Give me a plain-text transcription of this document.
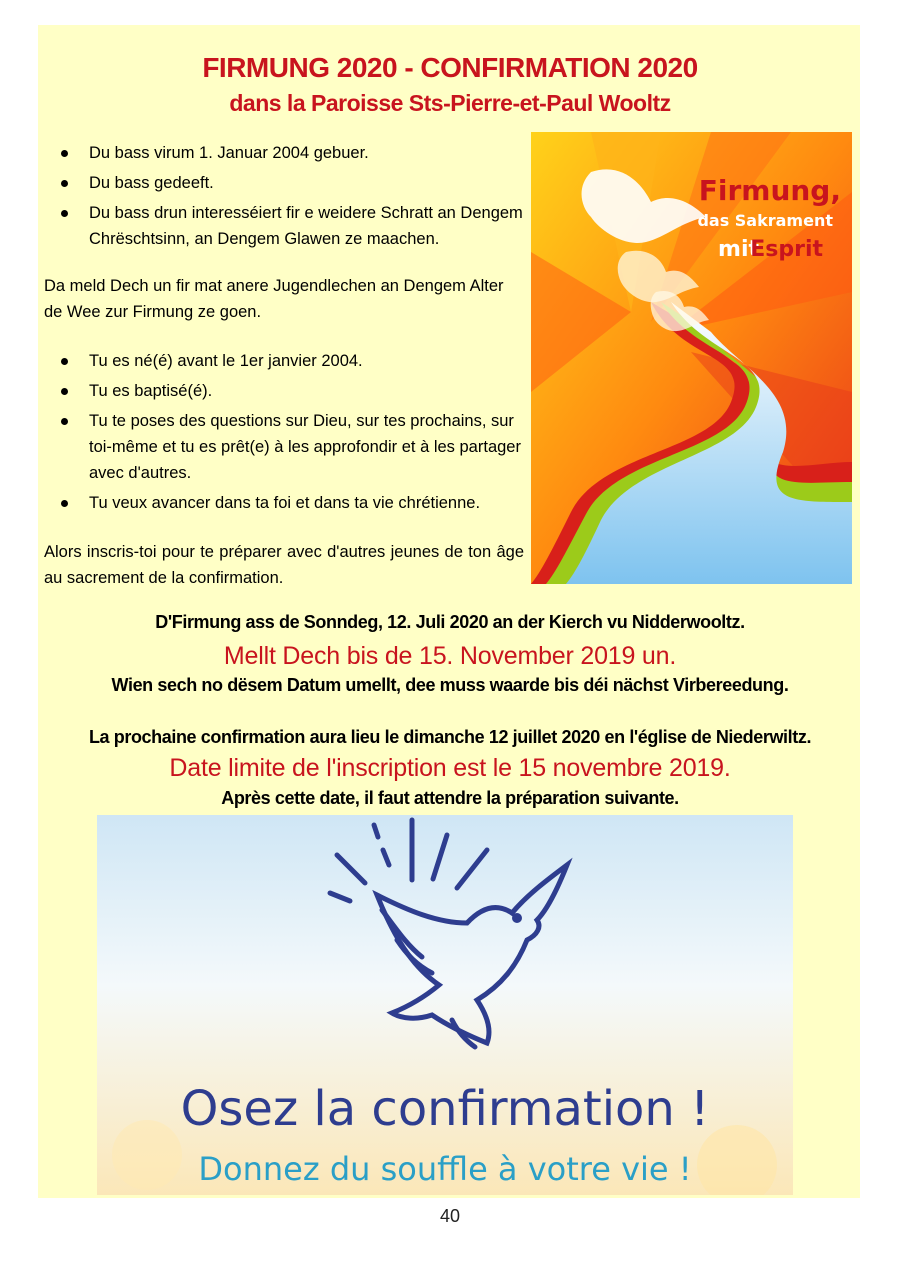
FIRMUNG 2020 - CONFIRMATION 2020
dans la Paroisse Sts-Pierre-et-Paul Wooltz
Du bass virum 1. Januar 2004 gebuer.
Du bass gedeeft.
Du bass drun interesséiert fir e weidere Schratt an Dengem Chrëschtsinn, an Dengem Glawen ze maachen.

Da meld Dech un fir mat anere Jugendlechen an Dengem Alter de Wee zur Firmung ze goen.

Tu es né(é) avant le 1er janvier 2004.
Tu es baptisé(é).
Tu te poses des questions sur Dieu, sur tes prochains, sur toi-même et tu es prêt(e) à les approfondir et à les partager avec d'autres.
Tu veux avancer dans ta foi et dans ta vie chrétienne.

Alors inscris-toi pour te préparer avec d'autres jeunes de ton âge au sacrement de la confirmation.

Firmung,
das Sakrament
mit
Esprit
D'Firmung ass de Sonndeg, 12. Juli 2020 an der Kierch vu Nidderwooltz.
Mellt Dech bis de 15. November 2019 un.
Wien sech no dësem Datum umellt, dee muss waarde bis déi nächst Virbereedung.
La prochaine confirmation aura lieu le dimanche 12 juillet 2020 en l'église de Niederwiltz.
Date limite de l'inscription est le 15 novembre 2019.
Après cette date, il faut attendre la préparation suivante.
Osez la confirmation !
Donnez du souffle à votre vie !
40
